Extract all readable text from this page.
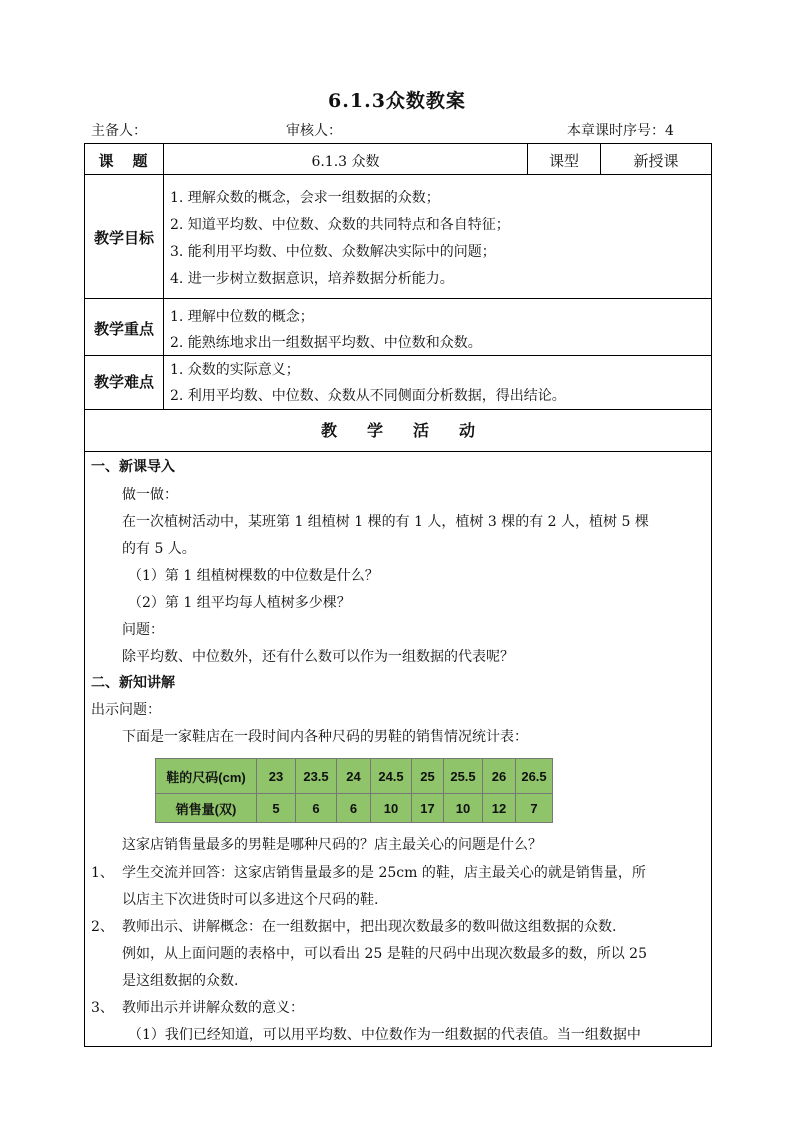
6.1.3众数教案
主备人：	审核人：	本章课时序号：4
课　题	6.1.3 众数	课型	新授课
教学目标
1. 理解众数的概念，会求一组数据的众数；
2. 知道平均数、中位数、众数的共同特点和各自特征；
3. 能利用平均数、中位数、众数解决实际中的问题；
4. 进一步树立数据意识，培养数据分析能力。
教学重点
1. 理解中位数的概念；
2. 能熟练地求出一组数据平均数、中位数和众数。
教学难点
1. 众数的实际意义；
2. 利用平均数、中位数、众数从不同侧面分析数据，得出结论。
教学活动
一、新课导入
做一做：
在一次植树活动中，某班第 1 组植树 1 棵的有 1 人，植树 3 棵的有 2 人，植树 5 棵
的有 5 人。
（1）第 1 组植树棵数的中位数是什么？
（2）第 1 组平均每人植树多少棵？
问题：
除平均数、中位数外，还有什么数可以作为一组数据的代表呢？
二、新知讲解
出示问题：
下面是一家鞋店在一段时间内各种尺码的男鞋的销售情况统计表：
鞋的尺码(cm)	23	23.5	24	24.5	25	25.5	26	26.5
销售量(双)	5	6	6	10	17	10	12	7
这家店销售量最多的男鞋是哪种尺码的？店主最关心的问题是什么？
1、 学生交流并回答：这家店销售量最多的是 25cm 的鞋，店主最关心的就是销售量，所
以店主下次进货时可以多进这个尺码的鞋.
2、 教师出示、讲解概念：在一组数据中，把出现次数最多的数叫做这组数据的众数.
例如，从上面问题的表格中，可以看出 25 是鞋的尺码中出现次数最多的数，所以 25
是这组数据的众数.
3、 教师出示并讲解众数的意义：
（1）我们已经知道，可以用平均数、中位数作为一组数据的代表值。当一组数据中
